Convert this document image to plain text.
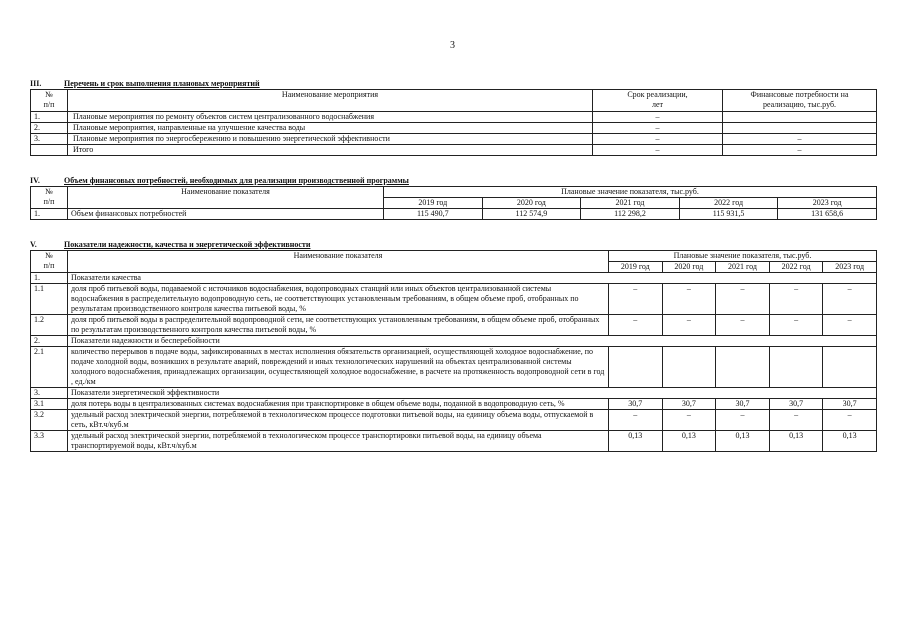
3
III.	Перечень и срок выполнения плановых мероприятий
№
п/п	Наименование мероприятия	Срок реализации,
лет	Финансовые потребности на
реализацию, тыс.руб.
1.	Плановые мероприятия по ремонту объектов систем централизованного водоснабжения	–	
2.	Плановые мероприятия, направленные на улучшение качества воды	–	
3.	Плановые мероприятия по энергосбережению и повышению энергетической эффективности	–	–
	Итого	–	–
IV.	Объем финансовых потребностей, необходимых для реализации производственной программы
№
п/п	Наименование показателя	Плановые значение показателя, тыс.руб.				
		2019 год	2020 год	2021 год	2022 год	2023 год
1.	Объем финансовых потребностей	115 490,7	112 574,9	112 298,2	115 931,5	131 658,6
V.	Показатели надежности, качества и энергетической эффективности
№
п/п	Наименование показателя	Плановые значение показателя, тыс.руб.				
		2019 год	2020 год	2021 год	2022 год	2023 год
1.	Показатели качества					
1.1	доля проб питьевой воды, подаваемой с источников водоснабжения, водопроводных станций или иных объектов централизованной системы водоснабжения в распределительную водопроводную сеть, не соответствующих установленным требованиям, в общем объеме проб, отобранных по результатам производственного контроля качества питьевой воды, %	–	–	–	–	–
1.2	доля проб питьевой воды в распределительной водопроводной сети, не соответствующих установленным требованиям, в общем объеме проб, отобранных по результатам производственного контроля качества питьевой воды, %	–	–	–	–	–
2.	Показатели надежности и бесперебойности					
2.1	количество перерывов в подаче воды, зафиксированных в местах исполнения обязательств организацией, осуществляющей холодное водоснабжение, по подаче холодной воды, возникших в результате аварий, повреждений и иных технологических нарушений на объектах централизованной системы холодного водоснабжения, принадлежащих организации, осуществляющей холодное водоснабжение, в расчете на протяженность водопроводной сети в год , ед./км					
3.	Показатели энергетической эффективности					
3.1	доля потерь воды в централизованных системах водоснабжения при транспортировке в общем объеме воды, поданной в водопроводную сеть, %	30,7	30,7	30,7	30,7	30,7
3.2	удельный расход электрической энергии, потребляемой в технологическом процессе подготовки питьевой воды, на единицу объема воды, отпускаемой в сеть, кВт.ч/куб.м	–	–	–	–	–
3.3	удельный расход электрической энергии, потребляемой в технологическом процессе транспортировки питьевой воды, на единицу объема транспортируемой воды, кВт.ч/куб.м	0,13	0,13	0,13	0,13	0,13
